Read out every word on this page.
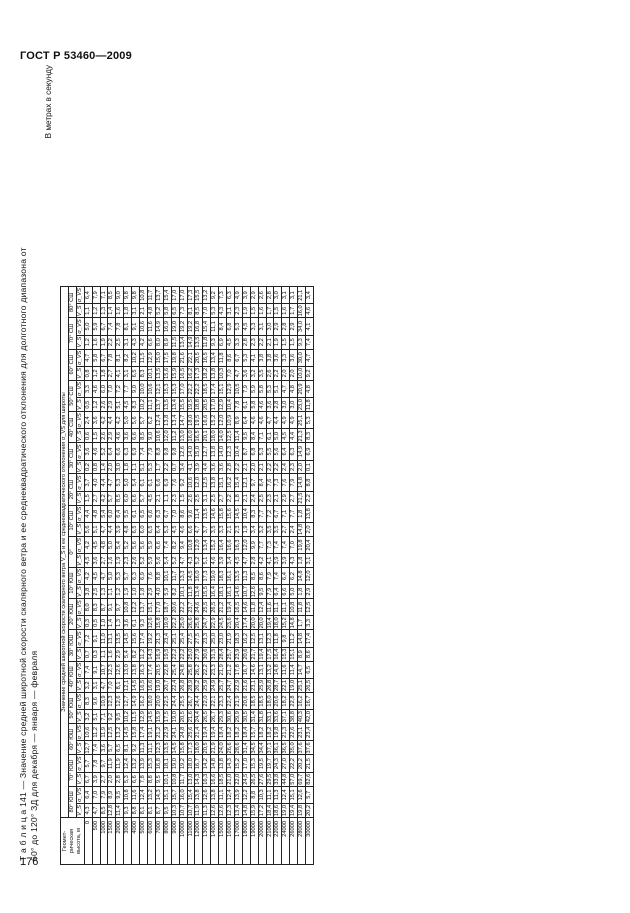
ГОСТ Р 53460—2009
Т а б л и ц а 141 — Значение средней широтной скорости скалярного ветра и ее среднеквадратического отклонения для долготного диапазона от 60° до 120° ЗД для декабря — января — февраля
В метрах в секунду
Геомет-рическая высота, м	Значение средней широтной скорости скалярного ветра V_S и ее среднеквадратического отклонения σ_VS для широты																																	
	80° ЮШ		70° ЮШ		60° ЮШ		50° ЮШ		40° ЮШ		30° ЮШ		20° ЮШ		10° ЮШ		0°		10° СШ		20° СШ		30° СШ		40° СШ		50° СШ		60° СШ		70° СШ		80° СШ	
	V_S	σ_VS	V_S	σ_VS	V_S	σ_VS	V_S	σ_VS	V_S	σ_VS	V_S	σ_VS	V_S	σ_VS	V_S	σ_VS	V_S	σ_VS	V_S	σ_VS	V_S	σ_VS	V_S	σ_VS	V_S	σ_VS	V_S	σ_VS	V_S	σ_VS	V_S	σ_VS	V_S	σ_VS
0	4,3	6,4	6,7	5,7	12,7	10,6	3,2	8,3	3,2	7,4	0,7	7,2	0,3	8,0	3,8	4,2	4,5	4,2	5,6	4,4	1,5	3,7	0,2	3,6	0,6	2,4	0,5	3,3	0,8	4,7	1,2	5,0	1,1	6,4
500	4,7	7,0	3,9	7,8	7,4	11,2	5,1	9,6	3,1	9,1	0,3	9,1	0,5	8,3	2,5	4,5	3,6	4,5	5,1	4,8	2,7	4,0	0,8	4,6	1,5	3,6	1,2	4,6	1,2	5,8	1,6	5,9	1,2	7,9
1000	8,5	7,9	2,7	9,7	3,6	11,9	7,1	10,9	4,7	10,7	1,1	11,0	1,0	8,7	1,3	4,7	2,7	4,8	4,7	5,4	4,2	4,4	1,4	5,2	2,6	4,2	2,6	6,0	1,8	6,7	1,9	6,7	1,3	7,1
1500	12,8	8,9	2,0	11,9	5,7	12,5	9,2	12,3	7,0	12,3	1,6	13,1	1,4	9,1	1,1	5,0	1,6	5,0	4,4	6,0	5,7	4,7	2,0	6,4	2,9	4,4	2,9	7,0	2,7	7,8	2,2	7,4	1,4	8,5
2000	11,4	9,5	2,8	11,9	6,5	13,2	9,5	12,6	8,1	12,6	2,9	13,5	1,3	9,7	1,2	5,3	1,9	5,4	3,9	6,4	8,5	5,3	3,0	6,6	4,6	4,2	5,1	7,2	4,1	8,1	2,5	7,8	1,6	9,0
3000	9,3	10,8	5,3	12,4	8,1	14,5	10,2	12,7	12,1	13,0	5,4	14,5	3,6	10,8	1,9	5,7	2,3	5,2	4,8	5,5	6,0	5,0	1,8	6,3	3,6	5,0	4,5	7,7	3,1	8,2	3,1	8,1	1,8	9,8
4000	8,8	11,6	6,6	13,2	9,2	15,8	11,5	14,9	14,5	13,8	8,2	15,6	6,1	12,2	1,0	6,3	2,6	5,6	6,5	6,1	6,6	5,4	1,1	6,9	6,6	5,6	8,3	9,0	6,5	10,2	4,3	9,1	3,1	9,8
5000	8,1	12,4	7,8	13,9	11,3	17,4	12,9	16,2	16,5	16,3	11,2	17,4	9,3	13,7	1,8	6,9	5,2	5,6	6,0	6,5	5,7	6,1	5,1	7,4	8,5	5,7	10,2	10,0	8,3	11,5	4,2	10,6	2,1	10,8
6000	8,1	13,2	8,8	15,3	11,1	19,1	14,5	18,0	16,6	17,4	14,3	19,2	12,6	15,1	2,9	7,6	5,9	5,9	6,5	6,6	4,5	6,1	5,3	7,9	9,0	6,2	11,1	10,6	10,1	12,9	6,6	11,6	4,8	11,7
7000	8,7	14,3	9,5	16,8	12,3	21,2	15,9	20,0	19,0	20,5	16,9	21,3	15,8	17,0	4,0	8,8	5,6	6,6	6,4	6,3	2,1	6,6	1,7	8,8	10,6	12,4	13,7	12,1	13,5	15,0	8,0	14,9	5,2	13,7
8000	9,5	15,1	10,1	18,1	13,5	22,9	17,5	22,5	20,7	22,8	19,5	23,4	19,0	18,7	5,9	10,1	5,4	7,4	5,3	6,7	1,1	6,9	2,2	9,8	12,0	13,8	13,5	15,3	15,6	17,5	8,9	16,9	5,8	15,4
9000	10,3	15,7	10,8	19,0	14,5	24,1	19,0	24,4	22,4	25,4	22,2	25,1	22,2	20,6	8,2	11,7	5,2	8,2	4,5	7,0	2,3	7,6	0,7	9,8	11,2	13,4	13,4	15,3	15,9	19,8	11,5	19,0	6,5	17,0
10000	10,7	16,0	11,7	19,2	15,8	24,8	20,5	25,5	26,8	24,8	22,2	25,4	25,0	22,2	10,1	13,3	4,7	9,4	4,6	8,6	1,5	9,2	3,4	12,6	13,0	14,7	15,5	17,0	16,5	21,6	13,4	19,2	7,3	17,0
11000	10,7	15,4	13,0	18,0	17,3	25,6	21,6	26,7	28,9	25,8	25,0	27,5	26,6	23,7	11,8	14,5	4,3	10,8	6,6	9,6	2,6	10,6	4,1	14,0	16,0	18,0	19,5	22,2	16,2	22,1	14,9	19,2	8,1	17,3
12000	11,0	13,8	14,3	16,7	18,0	21,4	24,4	24,4	26,2	26,2	27,9	27,5	25,8	24,6	13,4	16,0	5,2	12,0	4,7	11,4	2,5	12,0	3,9	15,0	16,5	19,5	18,8	22,2	17,3	20,5	13,5	16,8	8,5	15,5
13000	11,3	12,6	16,3	14,2	20,5	19,4	26,5	22,0	25,9	22,2	30,6	23,3	24,7	25,5	15,5	17,3	5,1	13,4	3,7	13,5	3,1	12,5	4,4	12,7	20,1	16,6	20,5	18,5	18,2	16,5	11,8	15,4	7,0	13,2
14000	12,6	13,8	16,6	14,8	21,9	19,4	26,7	22,1	24,9	23,3	31,5	25,0	22,9	26,5	16,4	19,0	4,6	15,2	3,5	14,6	2,5	13,8	3,6	13,8	18,0	15,2	17,0	17,4	13,8	13,4	9,3	11,1	5,3	9,2
15000	12,6	11,1	18,5	13,8	24,0	18,4	29,3	23,3	25,7	21,9	28,4	23,0	24,5	21,2	18,1	18,3	3,9	16,4	3,3	15,8	2,7	15,1	3,6	14,0	14,0	12,0	12,9	15,1	10,3	11,8	6,9	8,4	4,3	7,3
16000	12,3	12,4	21,0	14,3	26,6	18,2	30,6	22,4	24,7	21,2	25,7	21,9	23,6	19,4	16,1	16,1	3,4	16,6	2,1	15,6	2,2	16,2	2,8	12,3	12,5	10,9	10,4	12,9	7,0	8,6	4,5	6,8	3,1	6,3
17000	13,4	13,9	22,0	15,2	28,6	18,2	29,9	21,9	22,9	17,8	23,9	18,3	20,4	16,5	14,6	13,5	4,5	16,3	2,3	14,5	1,8	15,4	2,2	10,4	11,4	8,9	7,8	10,5	4,7	6,7	3,3	5,3	2,3	4,9
18000	14,8	12,2	24,5	17,0	31,4	18,4	30,5	20,6	21,6	16,7	20,6	16,2	17,4	14,6	10,7	11,3	4,7	12,0	1,9	10,4	2,1	12,1	2,1	8,7	9,5	6,4	6,1	7,9	3,6	5,3	2,8	4,5	1,9	3,9
19000	15,9	8,8	26,5	15,3	34,5	15,7	31,4	18,5	23,1	14,6	21,7	12,5	20,0	11,8	12,6	8,5	2,8	9,9	3,4	8,3	2,4	9,7	2,0	6,8	8,4	4,6	5,8	5,9	3,2	4,1	2,3	3,3	1,5	2,9
20000	17,2	10,3	27,6	19,5	34,4	18,2	31,8	18,5	25,9	13,1	19,4	13,1	20,0	12,4	9,5	8,6	4,2	7,7	3,2	7,7	2,5	8,4	2,1	5,3	7,1	4,6	4,6	5,8	3,5	3,8	2,2	3,1	1,6	2,6
21000	18,4	11,1	29,5	19,7	37,1	18,2	33,1	18,0	26,8	13,2	17,5	12,3	19,4	11,6	7,9	7,9	4,1	7,3	3,5	7,2	2,3	7,6	2,2	5,5	6,1	4,7	3,6	5,3	2,6	3,8	2,1	3,0	1,7	2,8
22000	18,6	11,3	33,8	24,3	36,1	19,8	33,6	20,6	28,7	14,8	16,4	11,8	18,0	11,1	6,4	7,4	3,9	7,4	3,5	6,7	2,1	7,3	2,2	5,6	5,0	4,4	2,8	5,1	2,2	3,6	1,9	2,9	1,5	3,0
24000	19,0	12,4	44,8	27,0	36,5	21,3	37,1	18,2	22,1	11,6	15,3	9,8	15,2	11,1	6,6	6,4	3,9	7,4	2,7	7,1	2,9	7,6	2,4	6,4	4,5	4,9	3,0	4,7	2,0	3,3	1,5	2,8	1,6	3,1
26000	19,4	15,1	57,0	22,2	35,0	22,6	38,8	22,8	19,0	11,4	15,1	11,2	14,8	10,8	5,0	6,2	4,3	7,0	2,4	7,7	2,7	7,9	2,3	6,3	4,4	4,9	3,0	4,8	2,0	3,6	1,5	2,9	1,7	3,1
28000	19,8	12,6	69,7	20,2	37,6	23,1	40,3	16,2	25,1	14,7	8,9	14,8	1,7	11,8	1,8	14,8	1,8	19,8	14,8	1,8	21,5	14,8	2,0	14,9	21,3	25,1	23,0	20,9	10,0	30,0	9,3	34,0	16,0	21,1
30000	20,2	5,7	82,6	21,5	37,6	23,4	42,0	16,7	26,5	6,5	8,6	17,4	3,3	12,5	2,9	12,0	3,1	20,4	2,0	13,8	2,2	8,8	0,1	6,9	8,3	5,3	11,8	4,8	9,2	4,7	7,4	4,1	4,6	3,4
176
